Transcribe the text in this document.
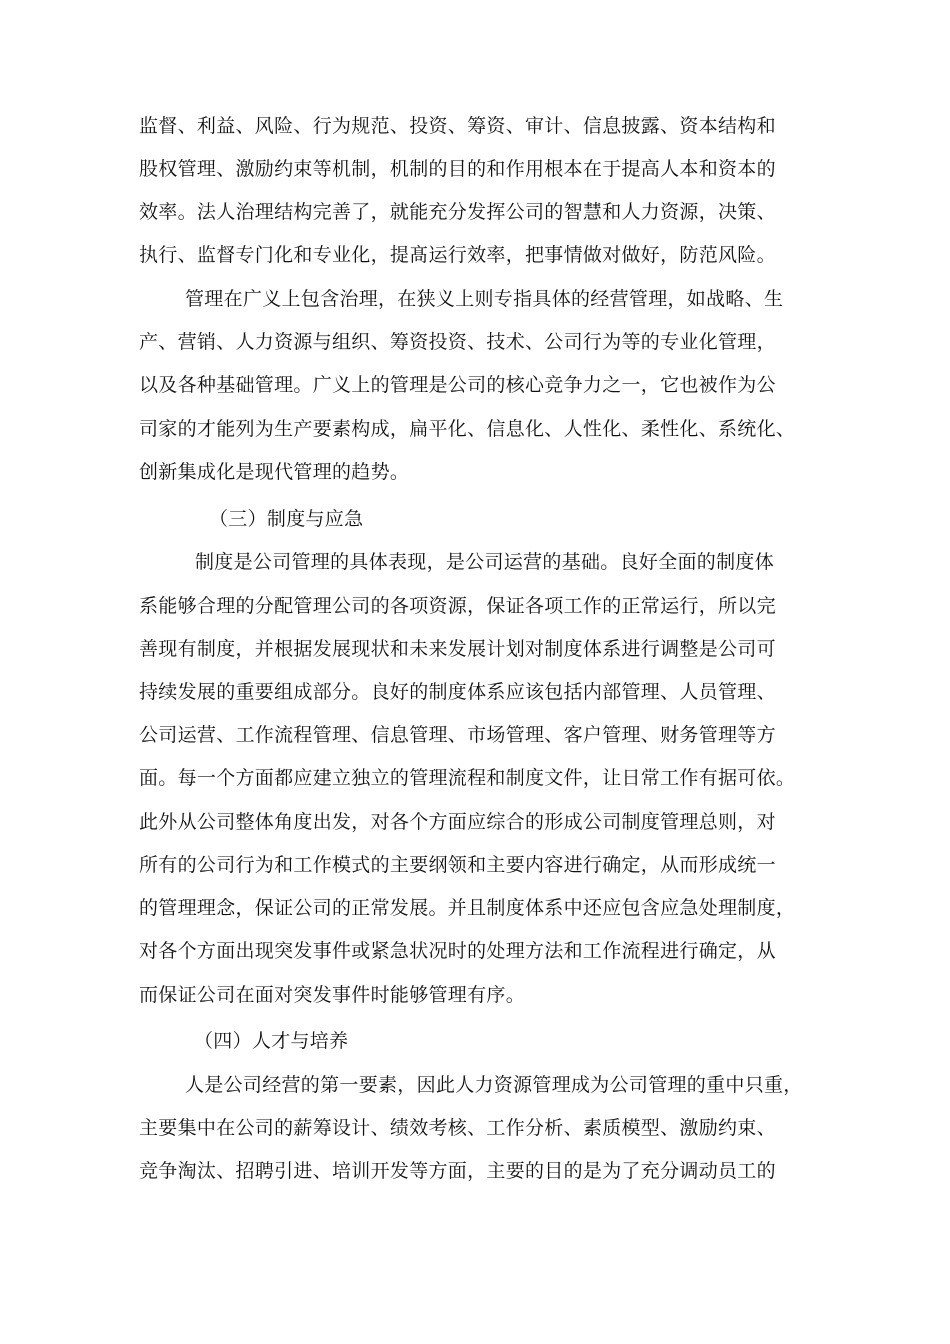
监督、利益、风险、行为规范、投资、筹资、审计、信息披露、资本结构和
股权管理、激励约束等机制，机制的目的和作用根本在于提高人本和资本的
效率。法人治理结构完善了，就能充分发挥公司的智慧和人力资源，决策、
执行、监督专门化和专业化，提髙运行效率，把事情做对做好，防范风险。
管理在广义上包含治理，在狭义上则专指具体的经营管理，如战略、生
产、营销、人力资源与组织、筹资投资、技术、公司行为等的专业化管理，
以及各种基础管理。广义上的管理是公司的核心竞争力之一，它也被作为公
司家的才能列为生产要素构成，扁平化、信息化、人性化、柔性化、系统化、
创新集成化是现代管理的趋势。
（三）制度与应急
制度是公司管理的具体表现，是公司运营的基础。良好全面的制度体
系能够合理的分配管理公司的各项资源，保证各项工作的正常运行，所以完
善现有制度，并根据发展现状和未来发展计划对制度体系进行调整是公司可
持续发展的重要组成部分。良好的制度体系应该包括内部管理、人员管理、
公司运营、工作流程管理、信息管理、市场管理、客户管理、财务管理等方
面。每一个方面都应建立独立的管理流程和制度文件，让日常工作有据可依。
此外从公司整体角度出发，对各个方面应综合的形成公司制度管理总则，对
所有的公司行为和工作模式的主要纲领和主要内容进行确定，从而形成统一
的管理理念，保证公司的正常发展。并且制度体系中还应包含应急处理制度，
对各个方面出现突发事件或紧急状况时的处理方法和工作流程进行确定，从
而保证公司在面对突发事件时能够管理有序。
（四）人才与培养
人是公司经营的第一要素，因此人力资源管理成为公司管理的重中只重，
主要集中在公司的薪筹设计、绩效考核、工作分析、素质模型、激励约束、
竞争淘汰、招聘引进、培训开发等方面，主要的目的是为了充分调动员工的
